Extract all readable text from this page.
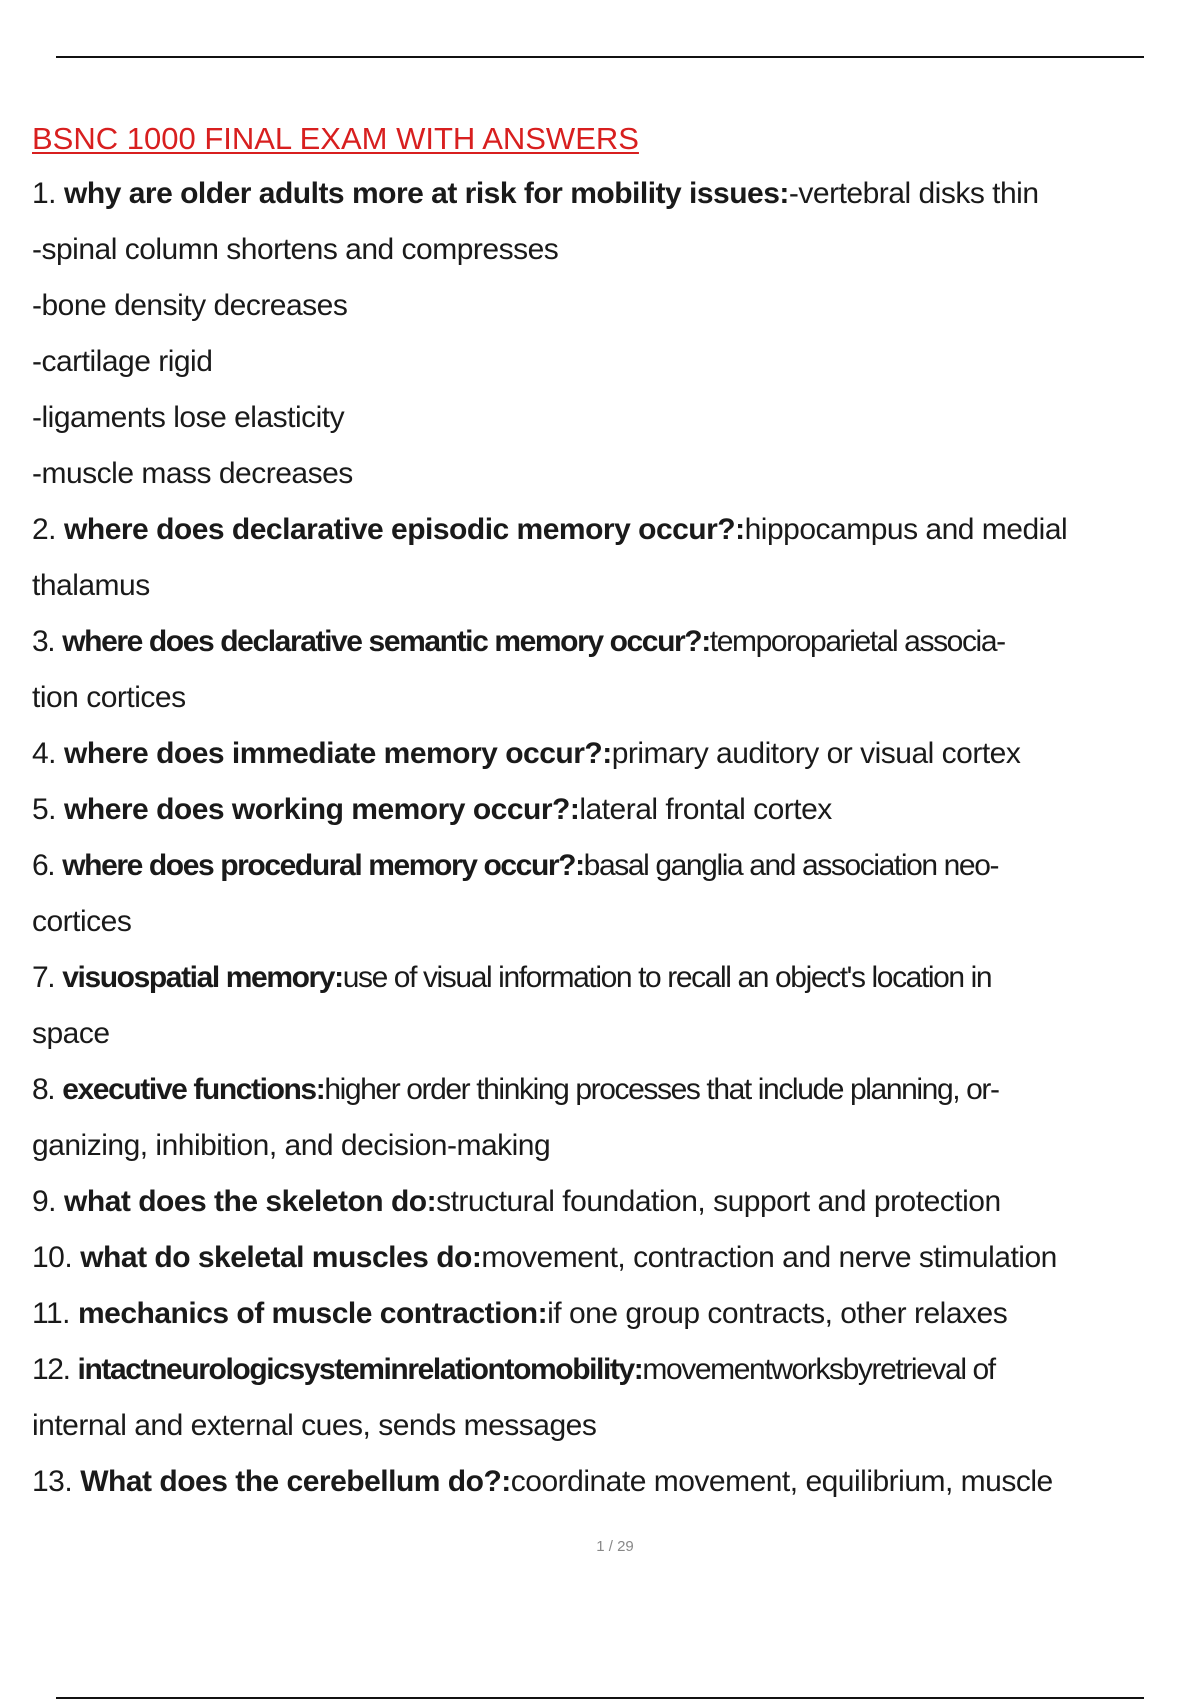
BSNC 1000 FINAL EXAM WITH ANSWERS
1. why are older adults more at risk for mobility issues:-vertebral disks thin
-spinal column shortens and compresses
-bone density decreases
-cartilage rigid
-ligaments lose elasticity
-muscle mass decreases
2. where does declarative episodic memory occur?:hippocampus and medial
thalamus
3. where does declarative semantic memory occur?:temporoparietal associa-
tion cortices
4. where does immediate memory occur?:primary auditory or visual cortex
5. where does working memory occur?:lateral frontal cortex
6. where does procedural memory occur?:basal ganglia and association neo-
cortices
7. visuospatial memory:use of visual information to recall an object's location in
space
8. executive functions:higher order thinking processes that include planning, or-
ganizing, inhibition, and decision-making
9. what does the skeleton do:structural foundation, support and protection
10. what do skeletal muscles do:movement, contraction and nerve stimulation
11. mechanics of muscle contraction:if one group contracts, other relaxes
12. intactneurologicsysteminrelationtomobility:movementworksbyretrieval of
internal and external cues, sends messages
13. What does the cerebellum do?:coordinate movement, equilibrium, muscle
1 / 29
